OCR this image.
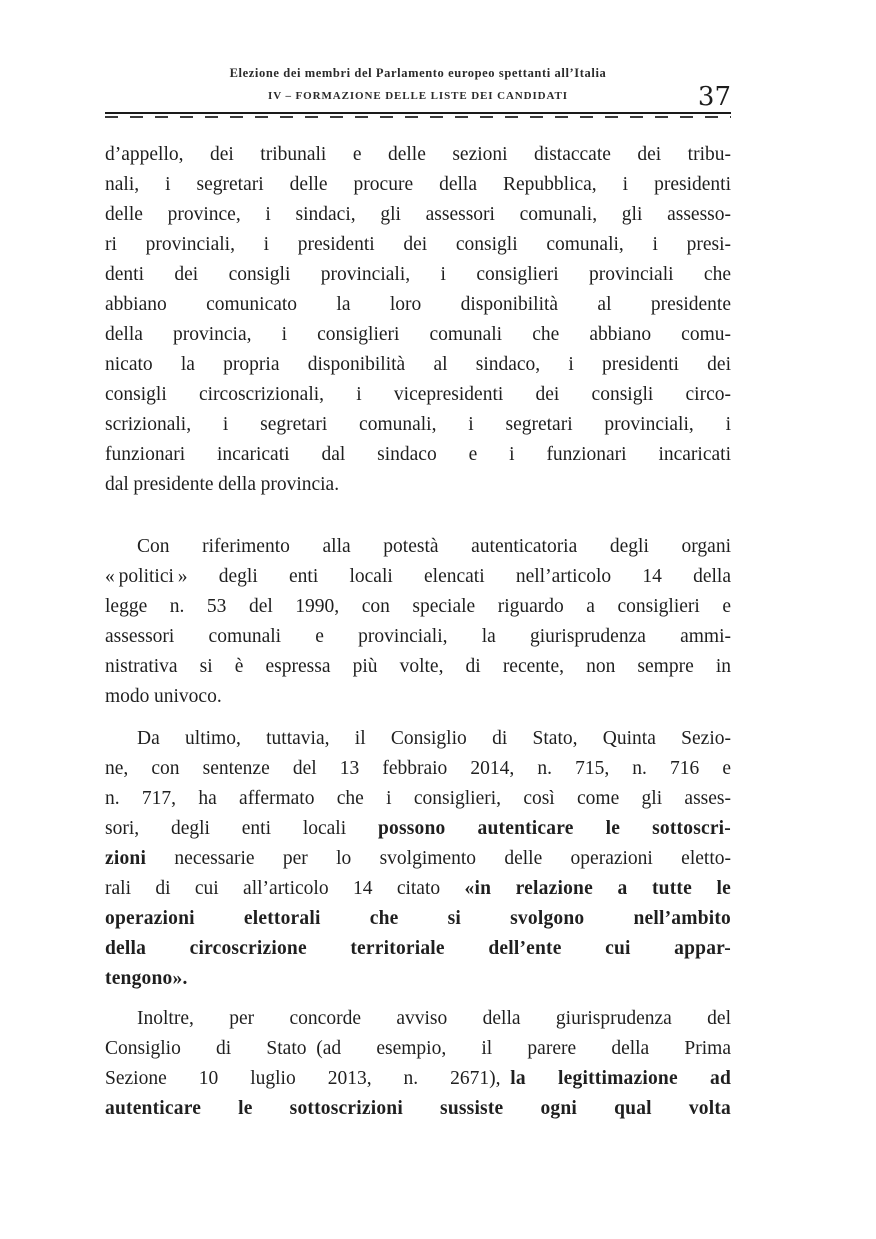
Elezione dei membri del Parlamento europeo spettanti all’Italia
IV – FORMAZIONE DELLE LISTE DEI CANDIDATI	37
d’appello, dei tribunali e delle sezioni distaccate dei tribu-
nali, i segretari delle procure della Repubblica, i presidenti
delle province, i sindaci, gli assessori comunali, gli assesso-
ri provinciali, i presidenti dei consigli comunali, i presi-
denti dei consigli provinciali, i consiglieri provinciali che
abbiano comunicato la loro disponibilità al presidente
della provincia, i consiglieri comunali che abbiano comu-
nicato la propria disponibilità al sindaco, i presidenti dei
consigli circoscrizionali, i vicepresidenti dei consigli circo-
scrizionali, i segretari comunali, i segretari provinciali, i
funzionari incaricati dal sindaco e i funzionari incaricati
dal presidente della provincia.
Con riferimento alla potestà autenticatoria degli organi
« politici » degli enti locali elencati nell’articolo 14 della
legge n. 53 del 1990, con speciale riguardo a consiglieri e
assessori comunali e provinciali, la giurisprudenza ammi-
nistrativa si è espressa più volte, di recente, non sempre in
modo univoco.
Da ultimo, tuttavia, il Consiglio di Stato, Quinta Sezio-
ne, con sentenze del 13 febbraio 2014, n. 715, n. 716 e
n. 717, ha affermato che i consiglieri, così come gli asses-
sori, degli enti locali possono autenticare le sottoscri-
zioni necessarie per lo svolgimento delle operazioni eletto-
rali di cui all’articolo 14 citato «in relazione a tutte le
operazioni elettorali che si svolgono nell’ambito
della circoscrizione territoriale dell’ente cui appar-
tengono».
Inoltre, per concorde avviso della giurisprudenza del
Consiglio di Stato (ad esempio, il parere della Prima
Sezione 10 luglio 2013, n. 2671), la legittimazione ad
autenticare le sottoscrizioni sussiste ogni qual volta
